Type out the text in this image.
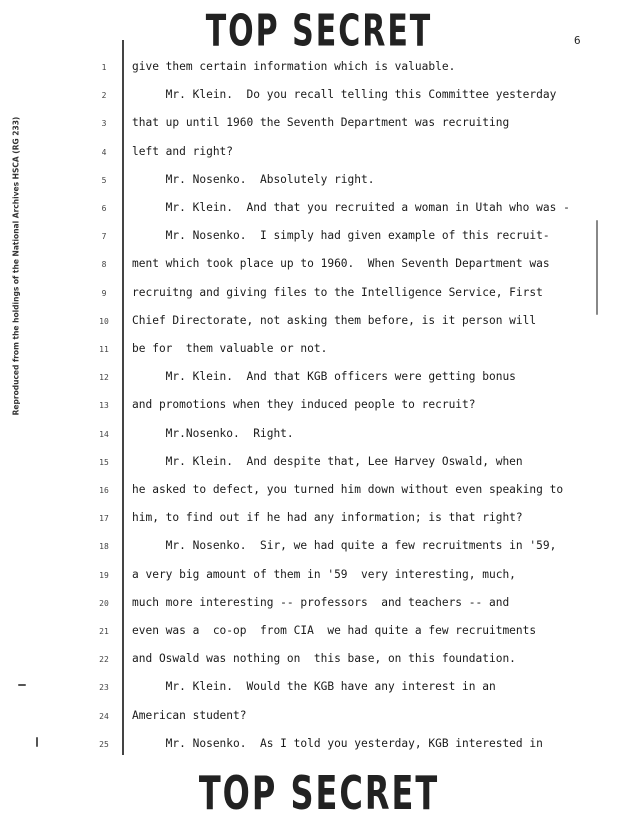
TOP SECRET	6
Reproduced from the holdings of the National Archives HSCA (RG 233)
1	give them certain information which is valuable.
2	Mr. Klein.  Do you recall telling this Committee yesterday
3	that up until 1960 the Seventh Department was recruiting
4	left and right?
5	Mr. Nosenko.  Absolutely right.
6	Mr. Klein.  And that you recruited a woman in Utah who was -
7	Mr. Nosenko.  I simply had given example of this recruit-
8	ment which took place up to 1960.  When Seventh Department was
9	recruitng and giving files to the Intelligence Service, First
10	Chief Directorate, not asking them before, is it person will
11	be for  them valuable or not.
12	Mr. Klein.  And that KGB officers were getting bonus
13	and promotions when they induced people to recruit?
14	Mr.Nosenko.  Right.
15	Mr. Klein.  And despite that, Lee Harvey Oswald, when
16	he asked to defect, you turned him down without even speaking to
17	him, to find out if he had any information; is that right?
18	Mr. Nosenko.  Sir, we had quite a few recruitments in '59,
19	a very big amount of them in '59  very interesting, much,
20	much more interesting -- professors  and teachers -- and
21	even was a  co-op  from CIA  we had quite a few recruitments
22	and Oswald was nothing on  this base, on this foundation.
23	Mr. Klein.  Would the KGB have any interest in an
24	American student?
25	Mr. Nosenko.  As I told you yesterday, KGB interested in
TOP SECRET
